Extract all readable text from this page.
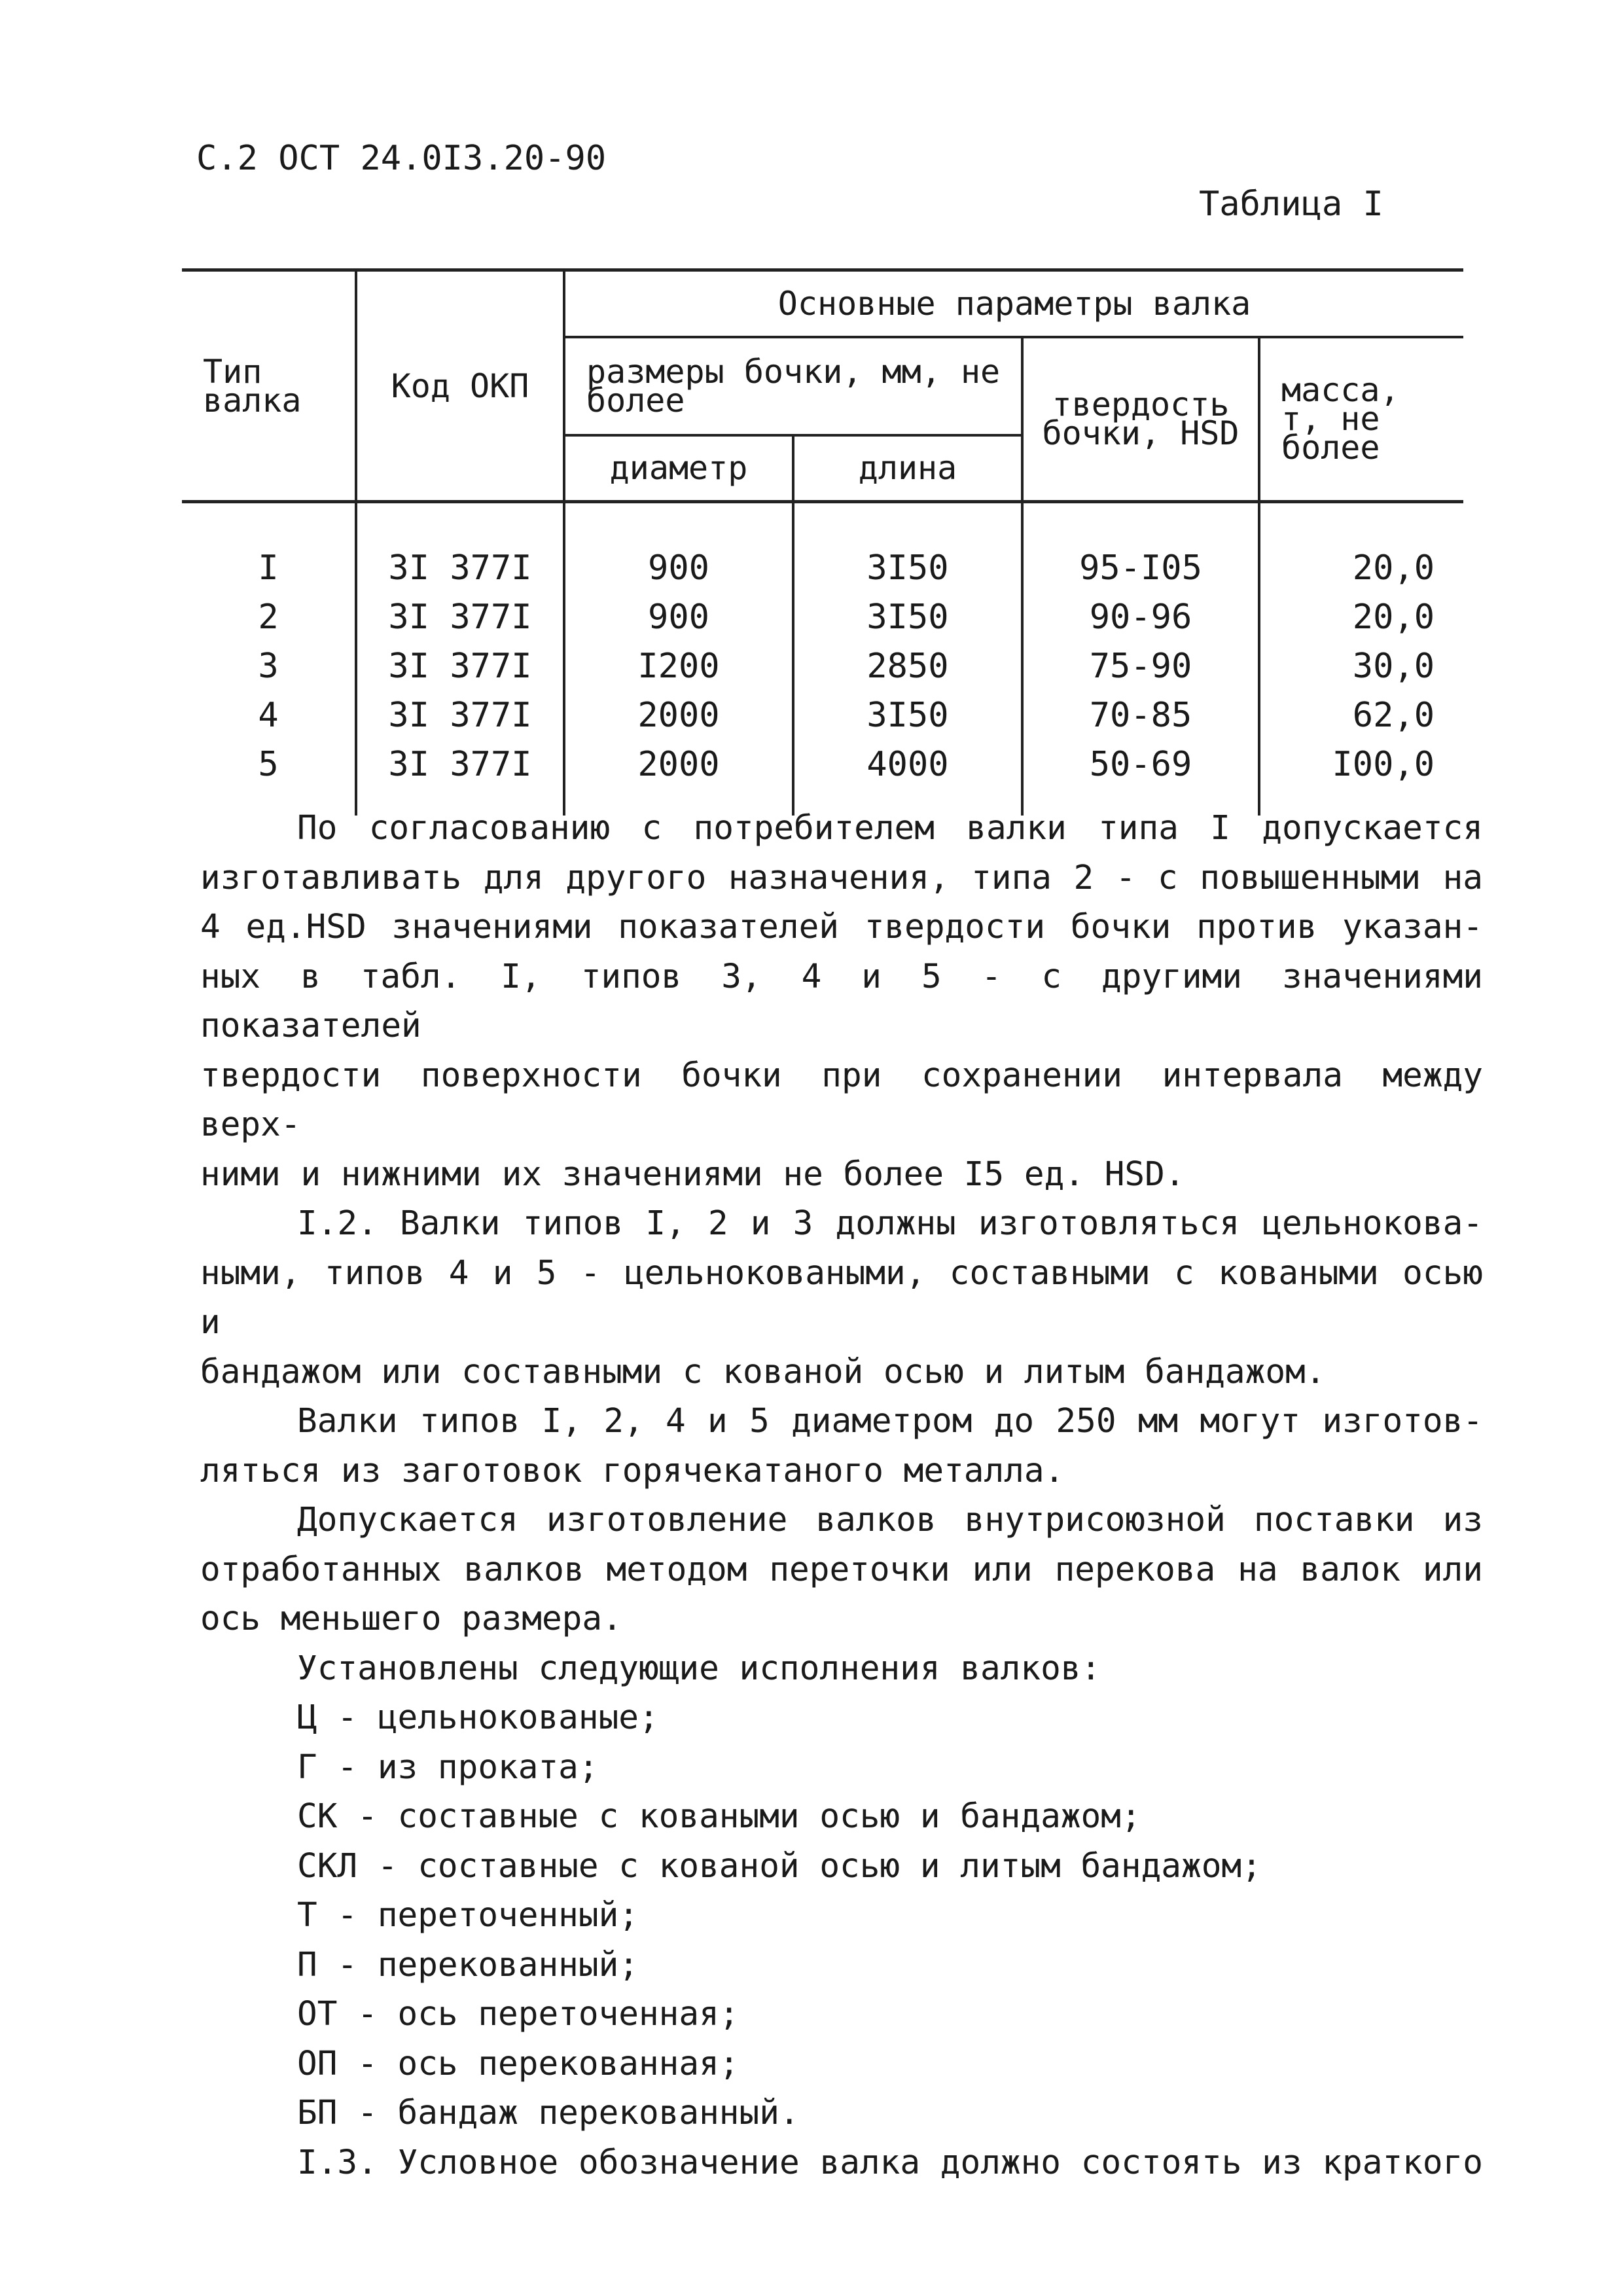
С.2 ОСТ 24.0I3.20-90
Таблица I
Тип валка	Код ОКП	Основные параметры валка			
		размеры бочки, мм, не более		твердость бочки, HSD	масса, т, не более
		диаметр	длина		
I	3I 377I	900	3I50	95-I05	20,0
2	3I 377I	900	3I50	90-96	20,0
3	3I 377I	I200	2850	75-90	30,0
4	3I 377I	2000	3I50	70-85	62,0
5	3I 377I	2000	4000	50-69	I00,0

По согласованию с потребителем валки типа I допускается

изготавливать для другого назначения, типа 2 - с повышенными на

4 ед.HSD значениями показателей твердости бочки против указан-

ных в табл. I, типов 3, 4 и 5 - с другими значениями показателей

твердости поверхности бочки при сохранении интервала между верх-

ними и нижними их значениями не более I5 ед. HSD.

I.2. Валки типов I, 2 и 3 должны изготовляться цельнокова-

ными, типов 4 и 5 - цельноковаными, составными с коваными осью и

бандажом или составными с кованой осью и литым бандажом.

Валки типов I, 2, 4 и 5 диаметром до 250 мм могут изготов-

ляться из заготовок горячекатаного металла.

Допускается изготовление валков внутрисоюзной поставки из

отработанных валков методом переточки или перекова на валок или

ось меньшего размера.

Установлены следующие исполнения валков:

Ц - цельнокованые;
Г - из проката;
СК - составные с коваными осью и бандажом;
СКЛ - составные с кованой осью и литым бандажом;
Т - переточенный;
П - перекованный;
ОТ - ось переточенная;
ОП - ось перекованная;
БП - бандаж перекованный.

I.3. Условное обозначение валка должно состоять из краткого
